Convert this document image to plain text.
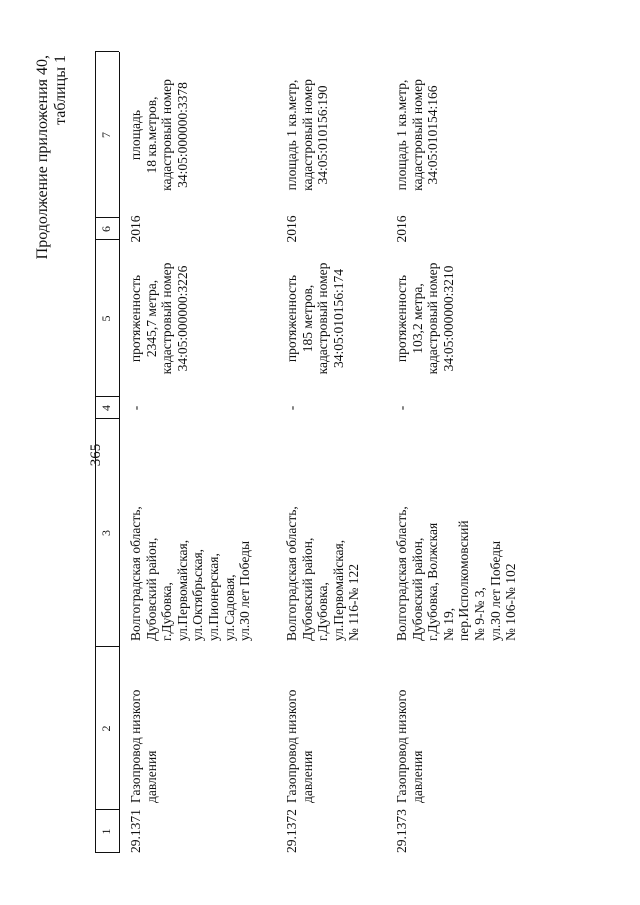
365
Продолжение приложения 40, таблицы 1
1
2
3
4
5
6
7
29.1371
Газопровод низкого давления
Волгоградская область, Дубовский район, г.Дубовка, ул.Первомайская, ул.Октябрьская, ул.Пионерская, ул.Садовая, ул.30 лет Победы
-
протяженность 2345,7 метра, кадастровый номер 34:05:000000:3226
2016
площадь 18 кв.метров, кадастровый номер 34:05:000000:3378
29.1372
Газопровод низкого давления
Волгоградская область, Дубовский район, г.Дубовка, ул.Первомайская, № 116-№ 122
-
протяженность 185 метров, кадастровый номер 34:05:010156:174
2016
площадь 1 кв.метр, кадастровый номер 34:05:010156:190
29.1373
Газопровод низкого давления
Волгоградская область, Дубовский район, г.Дубовка, Волжская № 19, пер.Исполкомовский № 9-№ 3, ул.30 лет Победы № 106-№ 102
-
протяженность 103,2 метра, кадастровый номер 34:05:000000:3210
2016
площадь 1 кв.метр, кадастровый номер 34:05:010154:166
